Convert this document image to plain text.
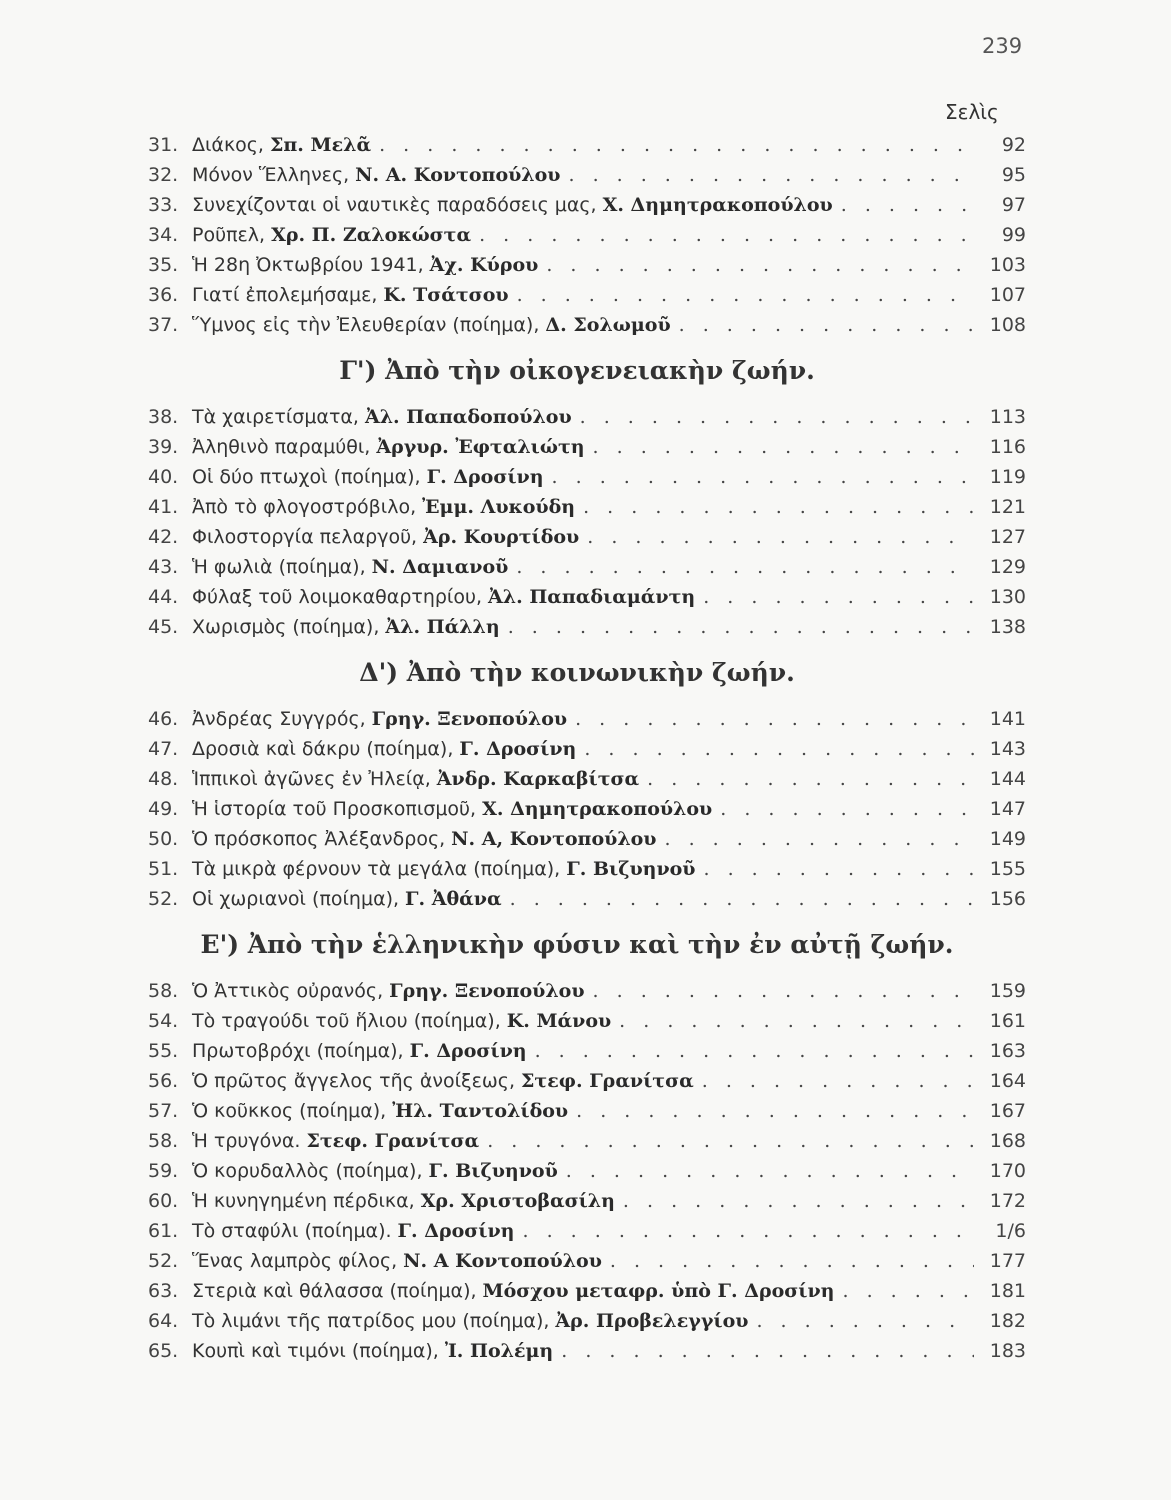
239
Σελὶς
31. Διάκος, Σπ. Μελᾶ . . .	92
32. Μόνον Ἕλληνες, Ν. Α. Κοντοπούλου . . .	95
33. Συνεχίζονται οἱ ναυτικὲς παραδόσεις μας, Χ. Δημητρακοπούλου . . .	97
34. Ροῦπελ, Χρ. Π. Ζαλοκώστα . . .	99
35. Ἡ 28η Ὀκτωβρίου 1941, Ἀχ. Κύρου . . .	103
36. Γιατί ἐπολεμήσαμε, Κ. Τσάτσου . . .	107
37. Ὕμνος εἰς τὴν Ἐλευθερίαν (ποίημα), Δ. Σολωμοῦ . . .	108
Γ') Ἀπὸ τὴν οἰκογενειακὴν ζωήν.
38. Τὰ χαιρετίσματα, Ἀλ. Παπαδοπούλου . . .	113
39. Ἀληθινὸ παραμύθι, Ἀργυρ. Ἐφταλιώτη . . .	116
40. Οἱ δύο πτωχοὶ (ποίημα), Γ. Δροσίνη . . .	119
41. Ἀπὸ τὸ φλογοστρόβιλο, Ἐμμ. Λυκούδη . . .	121
42. Φιλοστοργία πελαργοῦ, Ἀρ. Κουρτίδου . . .	127
43. Ἡ φωλιὰ (ποίημα), Ν. Δαμιανοῦ . . .	129
44. Φύλαξ τοῦ λοιμοκαθαρτηρίου, Ἀλ. Παπαδιαμάντη . . .	130
45. Χωρισμὸς (ποίημα), Ἀλ. Πάλλη . . .	138
Δ') Ἀπὸ τὴν κοινωνικὴν ζωήν.
46. Ἀνδρέας Συγγρός, Γρηγ. Ξενοπούλου . . .	141
47. Δροσιὰ καὶ δάκρυ (ποίημα), Γ. Δροσίνη . . .	143
48. Ἱππικοὶ ἀγῶνες ἐν Ἠλείᾳ, Ἀνδρ. Καρκαβίτσα . . .	144
49. Ἡ ἱστορία τοῦ Προσκοπισμοῦ, Χ. Δημητρακοπούλου . . .	147
50. Ὁ πρόσκοπος Ἀλέξανδρος, Ν. Α, Κοντοπούλου . . .	149
51. Τὰ μικρὰ φέρνουν τὰ μεγάλα (ποίημα), Γ. Βιζυηνοῦ . . .	155
52. Οἱ χωριανοὶ (ποίημα), Γ. Ἀθάνα . . .	156
Ε') Ἀπὸ τὴν ἑλληνικὴν φύσιν καὶ τὴν ἐν αὐτῇ ζωήν.
58. Ὁ Ἀττικὸς οὐρανός, Γρηγ. Ξενοπούλου . . .	159
54. Τὸ τραγούδι τοῦ ἥλιου (ποίημα), Κ. Μάνου . . .	161
55. Πρωτοβρόχι (ποίημα), Γ. Δροσίνη . . .	163
56. Ὁ πρῶτος ἄγγελος τῆς ἀνοίξεως, Στεφ. Γρανίτσα . . .	164
57. Ὁ κοῦκκος (ποίημα), Ἠλ. Ταντολίδου . . .	167
58. Ἡ τρυγόνα. Στεφ. Γρανίτσα . . .	168
59. Ὁ κορυδαλλὸς (ποίημα), Γ. Βιζυηνοῦ . . .	170
60. Ἡ κυνηγημένη πέρδικα, Χρ. Χριστοβασίλη . . .	172
61. Τὸ σταφύλι (ποίημα). Γ. Δροσίνη . . .	1/6
52. Ἕνας λαμπρὸς φίλος, Ν. Α Κοντοπούλου . . .	177
63. Στεριὰ καὶ θάλασσα (ποίημα), Μόσχου μεταφρ. ὑπὸ Γ. Δροσίνη . . .	181
64. Τὸ λιμάνι τῆς πατρίδος μου (ποίημα), Ἀρ. Προβελεγγίου . . .	182
65. Κουπὶ καὶ τιμόνι (ποίημα), Ἰ. Πολέμη . . .	183
